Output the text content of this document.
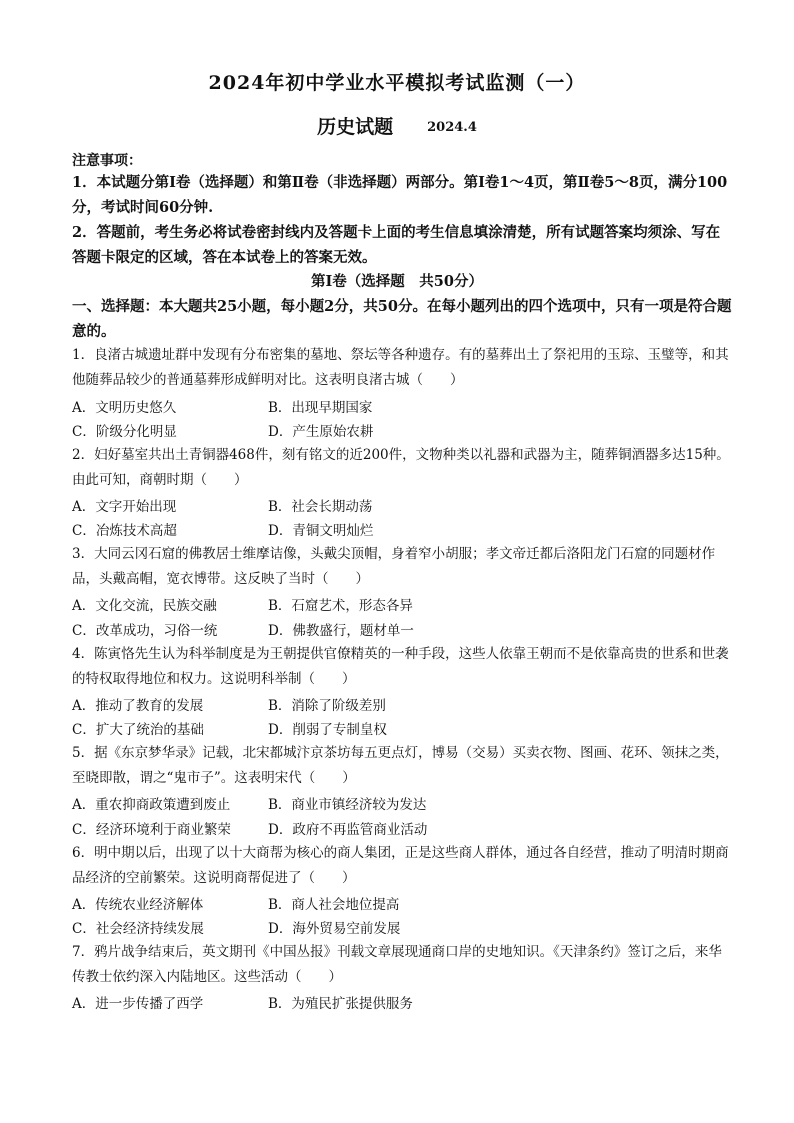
2024年初中学业水平模拟考试监测（一）
历史试题	2024.4
注意事项：
1．本试题分第Ⅰ卷（选择题）和第Ⅱ卷（非选择题）两部分。第Ⅰ卷1～4页，第Ⅱ卷5～8页，满分100分，考试时间60分钟.
2．答题前，考生务必将试卷密封线内及答题卡上面的考生信息填涂清楚，所有试题答案均须涂、写在答题卡限定的区域，答在本试卷上的答案无效。
第Ⅰ卷（选择题　共50分）
一、选择题：本大题共25小题，每小题2分，共50分。在每小题列出的四个选项中，只有一项是符合题意的。
1．良渚古城遗址群中发现有分布密集的墓地、祭坛等各种遗存。有的墓葬出土了祭祀用的玉琮、玉璧等，和其他随葬品较少的普通墓葬形成鲜明对比。这表明良渚古城（　　）
A．文明历史悠久	B．出现早期国家
C．阶级分化明显	D．产生原始农耕
2．妇好墓室共出土青铜器468件，刻有铭文的近200件，文物种类以礼器和武器为主，随葬铜酒器多达15种。由此可知，商朝时期（　　）
A．文字开始出现	B．社会长期动荡
C．冶炼技术高超	D．青铜文明灿烂
3．大同云冈石窟的佛教居士维摩诘像，头戴尖顶帽，身着窄小胡服；孝文帝迁都后洛阳龙门石窟的同题材作品，头戴高帽，宽衣博带。这反映了当时（　　）
A．文化交流，民族交融	B．石窟艺术，形态各异
C．改革成功，习俗一统	D．佛教盛行，题材单一
4．陈寅恪先生认为科举制度是为王朝提供官僚精英的一种手段，这些人依靠王朝而不是依靠高贵的世系和世袭的特权取得地位和权力。这说明科举制（　　）
A．推动了教育的发展	B．消除了阶级差别
C．扩大了统治的基础	D．削弱了专制皇权
5．据《东京梦华录》记载，北宋都城汴京茶坊每五更点灯，博易（交易）买卖衣物、图画、花环、领抹之类，至晓即散，谓之“鬼市子”。这表明宋代（　　）
A．重农抑商政策遭到废止	B．商业市镇经济较为发达
C．经济环境利于商业繁荣	D．政府不再监管商业活动
6．明中期以后，出现了以十大商帮为核心的商人集团，正是这些商人群体，通过各自经营，推动了明清时期商品经济的空前繁荣。这说明商帮促进了（　　）
A．传统农业经济解体	B．商人社会地位提高
C．社会经济持续发展	D．海外贸易空前发展
7．鸦片战争结束后，英文期刊《中国丛报》刊载文章展现通商口岸的史地知识。《天津条约》签订之后，来华传教士依约深入内陆地区。这些活动（　　）
A．进一步传播了西学	B．为殖民扩张提供服务
